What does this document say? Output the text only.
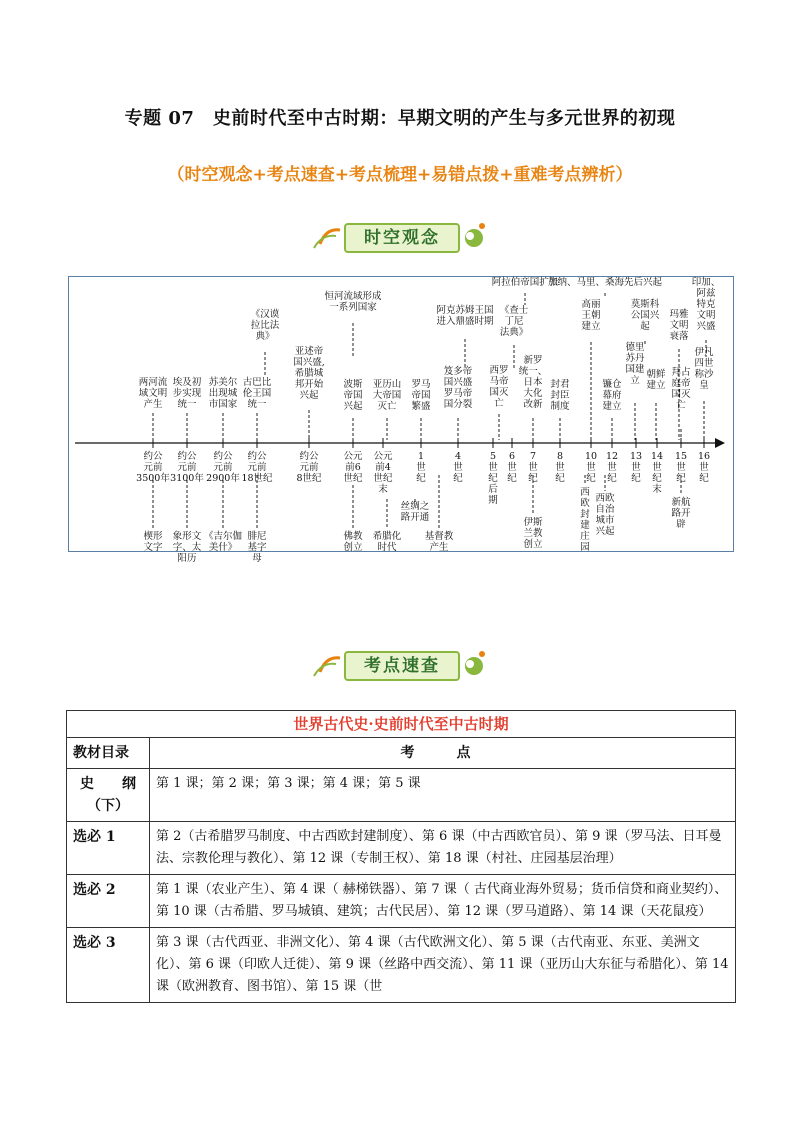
专题 07　史前时代至中古时期：早期文明的产生与多元世界的初现
（时空观念+考点速查+考点梳理+易错点拨+重难考点辨析）
时空观念
约公元前 3500年
约公元前 3100年
约公元前 2900年
约公元前 18世纪
约公元前 8世纪
公元前6 世纪
公元前4 世纪末
1 世纪
4 世纪
5 世纪后期
6 世纪
7 世纪
8 世纪
10 世纪
12 世纪
13 世纪
14 世纪末
15 世纪
16 世纪
两河流域文明产生
埃及初步实现统一
苏美尔出现城市国家
古巴比伦王国统一
《汉谟拉比法典》
亚述帝国兴盛,希腊城邦开始兴起
恒河流域形成一系列国家
波斯帝国兴起
亚历山大帝国灭亡
罗马帝国繁盛
阿克苏姆王国进入鼎盛时期
笈多帝国兴盛罗马帝国分裂
西罗马帝国灭亡
《查士丁尼法典》
阿拉伯帝国扩张
新罗统一、日本大化改新
封君封臣制度
加纳、马里、桑海先后兴起
高丽王朝建立
镰仓幕府建立
莫斯科公国兴起
德里苏丹国建立
朝鲜建立
玛雅文明衰落
拜占庭帝国灭亡
印加、阿兹特克文明兴盛
伊凡四世称沙皇
楔形文字
象形文字、太阳历
《吉尔伽美什》
腓尼基字母
佛教创立
希腊化时代
丝绸之路开通
基督教产生
伊斯兰教创立
西欧封建庄园
西欧自治城市兴起
新航路开辟
考点速查
世界古代史·史前时代至中古时期	
教材目录	考　点
史　　纲（下）	第 1 课；第 2 课；第 3 课；第 4 课；第 5 课
选必 1	第 2（古希腊罗马制度、中古西欧封建制度）、第 6 课（中古西欧官员）、第 9 课（罗马法、日耳曼法、宗教伦理与教化）、第 12 课（专制王权）、第 18 课（村社、庄园基层治理）
选必 2	第 1 课（农业产生）、第 4 课（ 赫梯铁器）、第 7 课（ 古代商业海外贸易；货币信贷和商业契约）、第 10 课（古希腊、罗马城镇、建筑；古代民居）、第 12 课（罗马道路）、第 14 课（天花鼠疫）
选必 3	第 3 课（古代西亚、非洲文化）、第 4 课（古代欧洲文化）、第 5 课（古代南亚、东亚、美洲文化）、第 6 课（印欧人迁徙）、第 9 课（丝路中西交流）、第 11 课（亚历山大东征与希腊化）、第 14 课（欧洲教育、图书馆）、第 15 课（世
